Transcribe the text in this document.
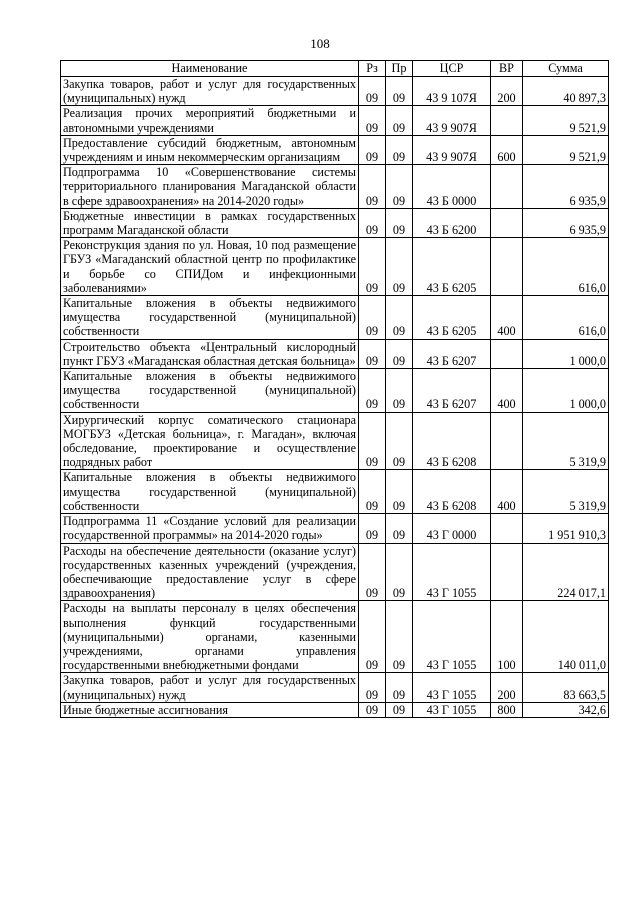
108
Наименование	Рз	Пр	ЦСР	ВР	Сумма
Закупка товаров, работ и услуг для государственных (муниципальных) нужд	09	09	43 9 107Я	200	40 897,3
Реализация прочих мероприятий бюджетными и автономными учреждениями	09	09	43 9 907Я		9 521,9
Предоставление субсидий бюджетным, автономным учреждениям и иным некоммерческим организациям	09	09	43 9 907Я	600	9 521,9
Подпрограмма 10 «Совершенствование системы территориального планирования Магаданской области в сфере здравоохранения» на 2014-2020 годы»	09	09	43 Б 0000		6 935,9
Бюджетные инвестиции в рамках государственных программ Магаданской области	09	09	43 Б 6200		6 935,9
Реконструкция здания по ул. Новая, 10 под размещение ГБУЗ «Магаданский областной центр по профилактике и борьбе со СПИДом и инфекционными заболеваниями»	09	09	43 Б 6205		616,0
Капитальные вложения в объекты недвижимого имущества государственной (муниципальной) собственности	09	09	43 Б 6205	400	616,0
Строительство объекта «Центральный кислородный пункт ГБУЗ «Магаданская областная детская больница»	09	09	43 Б 6207		1 000,0
Капитальные вложения в объекты недвижимого имущества государственной (муниципальной) собственности	09	09	43 Б 6207	400	1 000,0
Хирургический корпус соматического стационара МОГБУЗ «Детская больница», г. Магадан», включая обследование, проектирование и осуществление подрядных работ	09	09	43 Б 6208		5 319,9
Капитальные вложения в объекты недвижимого имущества государственной (муниципальной) собственности	09	09	43 Б 6208	400	5 319,9
Подпрограмма 11 «Создание условий для реализации государственной программы» на 2014-2020 годы»	09	09	43 Г 0000		1 951 910,3
Расходы на обеспечение деятельности (оказание услуг) государственных казенных учреждений (учреждения, обеспечивающие предоставление услуг в сфере здравоохранения)	09	09	43 Г 1055		224 017,1
Расходы на выплаты персоналу в целях обеспечения выполнения функций государственными (муниципальными) органами, казенными учреждениями, органами управления государственными внебюджетными фондами	09	09	43 Г 1055	100	140 011,0
Закупка товаров, работ и услуг для государственных (муниципальных) нужд	09	09	43 Г 1055	200	83 663,5
Иные бюджетные ассигнования	09	09	43 Г 1055	800	342,6
